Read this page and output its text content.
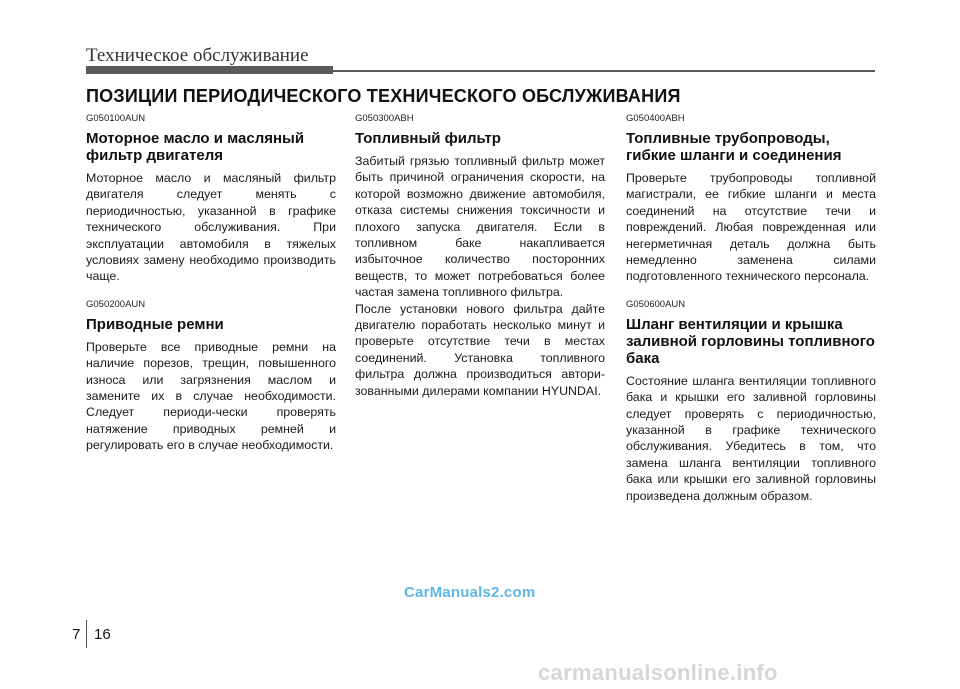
Техническое обслуживание
ПОЗИЦИИ ПЕРИОДИЧЕСКОГО ТЕХНИЧЕСКОГО ОБСЛУЖИВАНИЯ
G050100AUN
Моторное масло и масляный фильтр двигателя

Моторное масло и масляный фильтр двигателя следует менять с периодичностью, указанной в графике технического обслуживания. При эксплуатации автомобиля в тяжелых условиях замену необходимо производить чаще.

G050200AUN
Приводные ремни

Проверьте все приводные ремни на наличие порезов, трещин, повышенного износа или загрязнения маслом и замените их в случае необходимости. Следует периоди-чески проверять натяжение приводных ремней и регулировать его в случае необходимости.

G050300ABH
Топливный фильтр

Забитый грязью топливный фильтр может быть причиной ограничения скорости, на которой возможно движение автомобиля, отказа системы снижения токсичности и плохого запуска двигателя. Если в топливном баке накапливается избыточное количество посторонних веществ, то может потребоваться более частая замена топливного фильтра.

После установки нового фильтра дайте двигателю поработать несколько минут и проверьте отсутствие течи в местах соединений. Установка топливного фильтра должна производиться автори-зованными дилерами компании HYUNDAI.

G050400ABH
Топливные трубопроводы, гибкие шланги и соединения

Проверьте трубопроводы топливной магистрали, ее гибкие шланги и места соединений на отсутствие течи и повреждений. Любая поврежденная или негерметичная деталь должна быть немедленно заменена силами подготовленного технического персонала.

G050600AUN
Шланг вентиляции и крышка заливной горловины топливного бака

Состояние шланга вентиляции топливного бака и крышки его заливной горловины следует проверять с периодичностью, указанной в графике технического обслуживания. Убедитесь в том, что замена шланга вентиляции топливного бака или крышки его заливной горловины произведена должным образом.

CarManuals2.com
7 16
carmanualsonline.info
